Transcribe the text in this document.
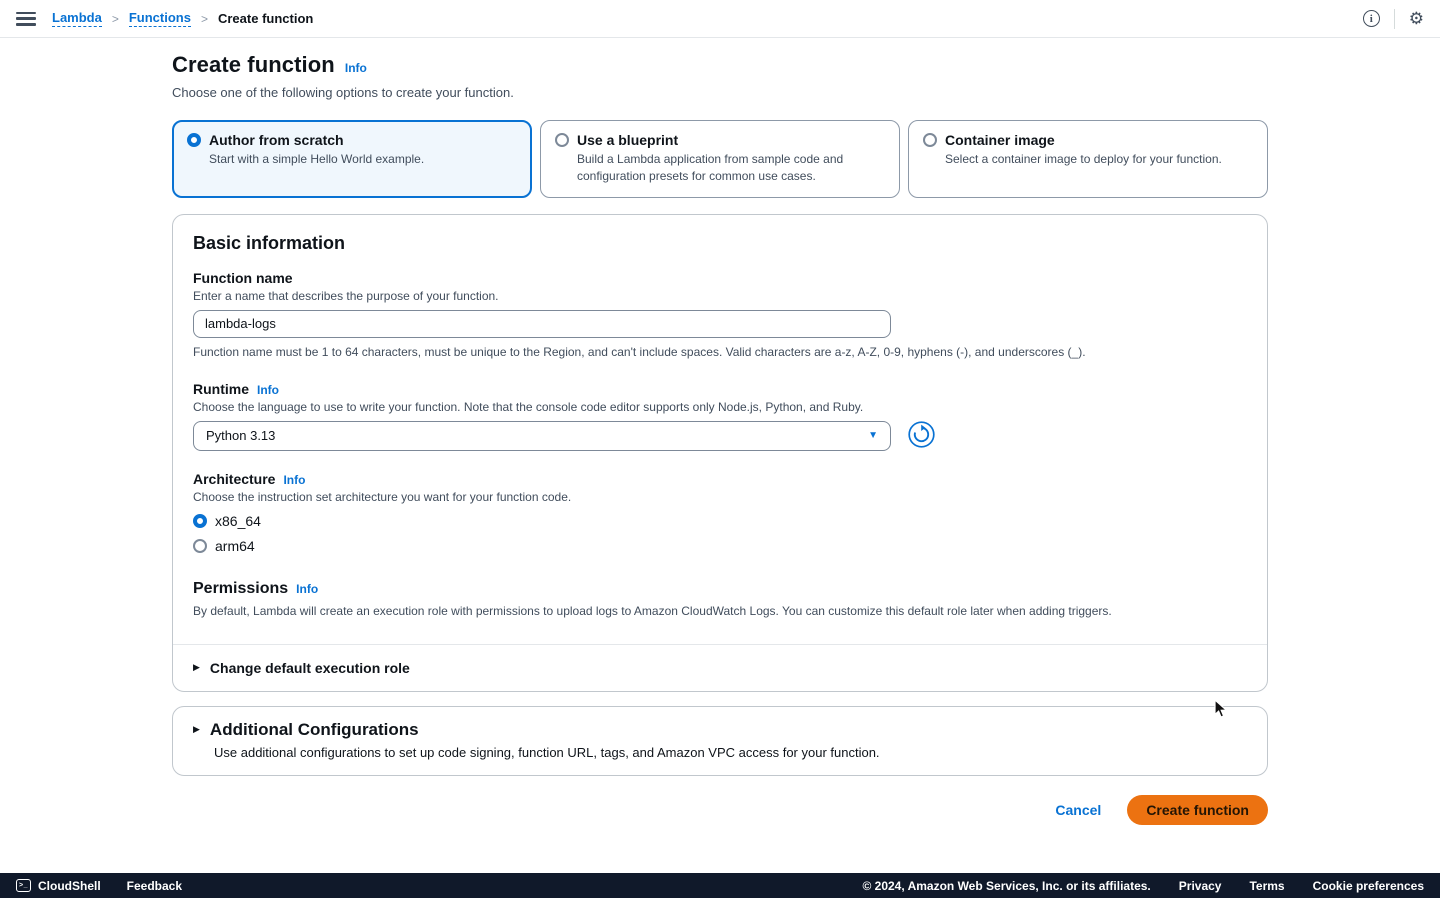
Lambda > Functions > Create function	i	⚙
Create function Info
Choose one of the following options to create your function.
Author from scratch
Start with a simple Hello World example.
Use a blueprint
Build a Lambda application from sample code and configuration presets for common use cases.
Container image
Select a container image to deploy for your function.
Basic information
Function name
Enter a name that describes the purpose of your function.
lambda-logs
Function name must be 1 to 64 characters, must be unique to the Region, and can't include spaces. Valid characters are a-z, A-Z, 0-9, hyphens (-), and underscores (_).
Runtime Info
Choose the language to use to write your function. Note that the console code editor supports only Node.js, Python, and Ruby.
Python 3.13	▼
Architecture Info
Choose the instruction set architecture you want for your function code.
x86_64
arm64
Permissions Info
By default, Lambda will create an execution role with permissions to upload logs to Amazon CloudWatch Logs. You can customize this default role later when adding triggers.
▶ Change default execution role
▶ Additional Configurations
Use additional configurations to set up code signing, function URL, tags, and Amazon VPC access for your function.
Cancel	Create function
>_ CloudShell Feedback	© 2024, Amazon Web Services, Inc. or its affiliates. Privacy Terms Cookie preferences
